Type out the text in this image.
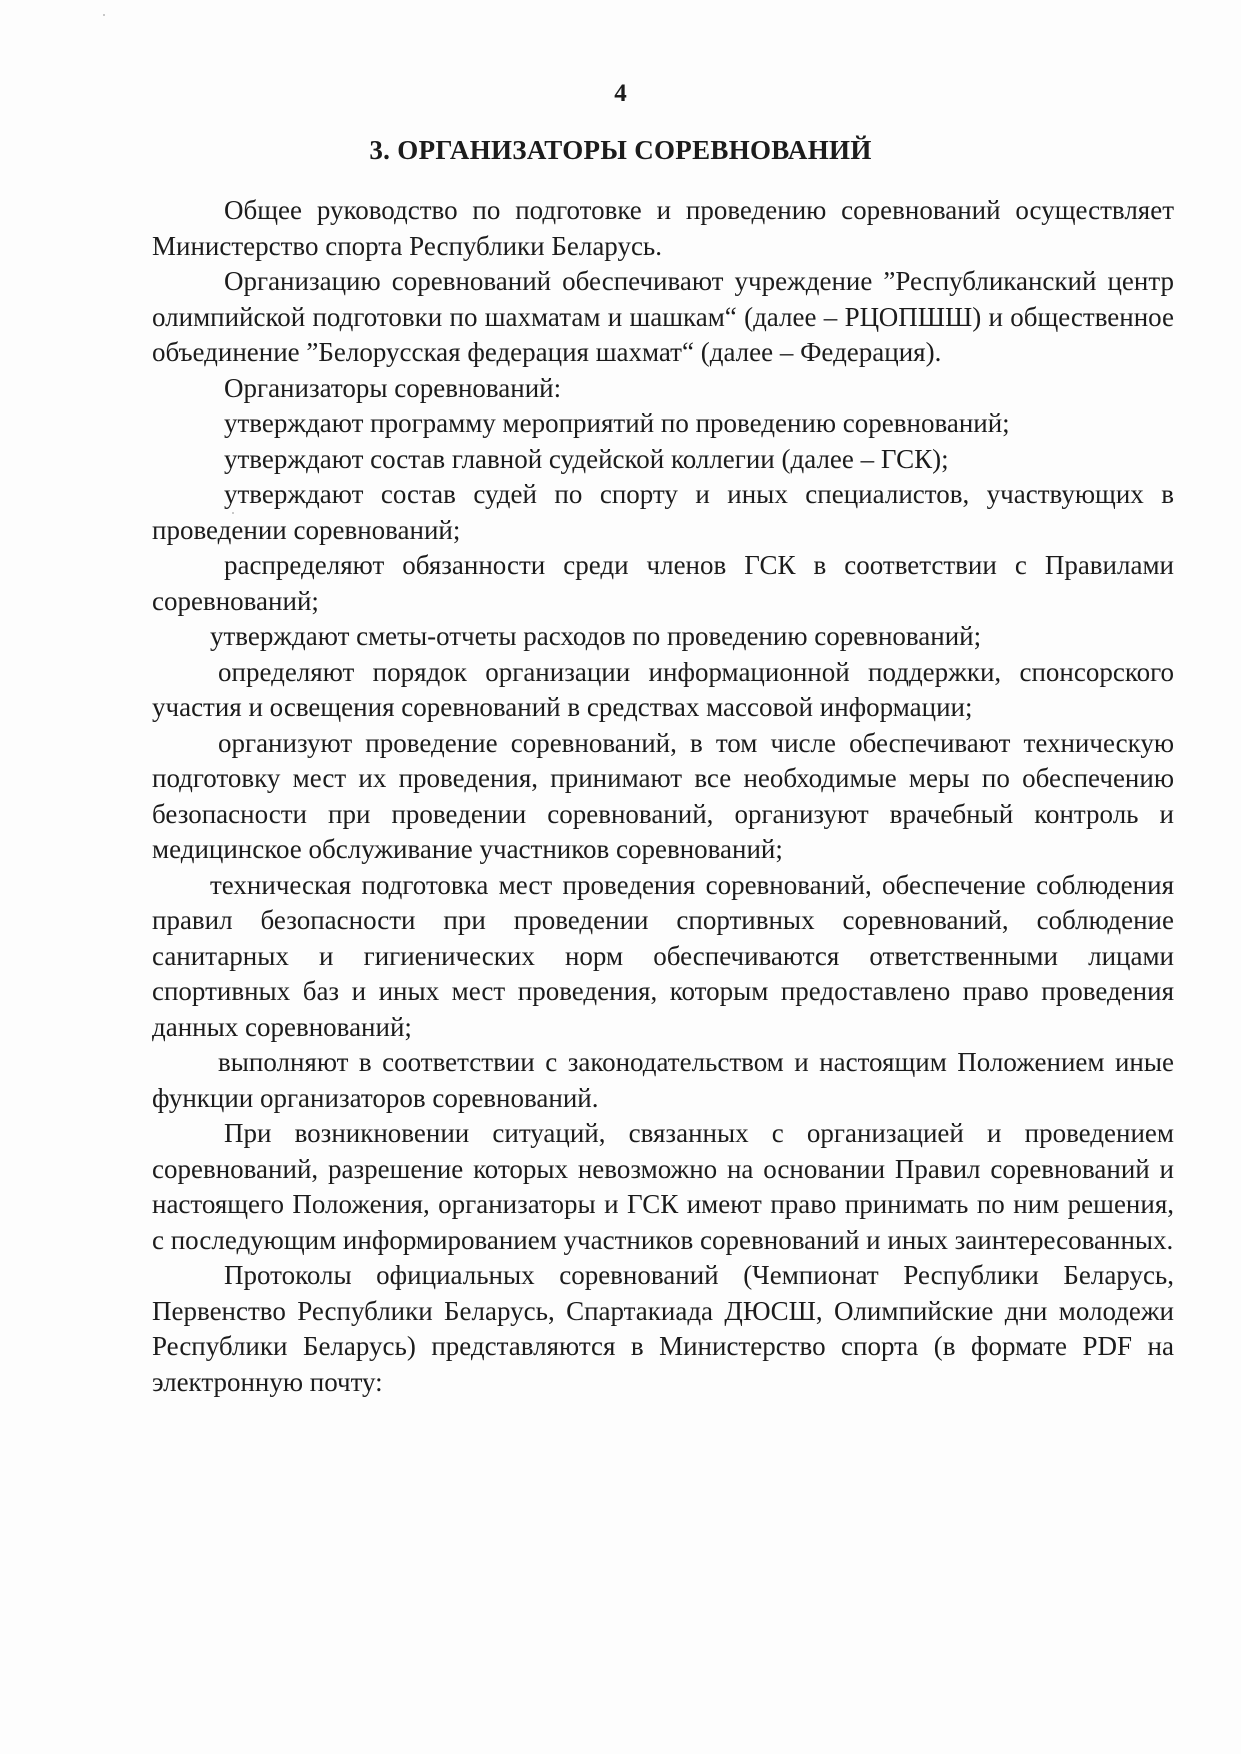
4
3. ОРГАНИЗАТОРЫ СОРЕВНОВАНИЙ

Общее руководство по подготовке и проведению соревнований осуществляет Министерство спорта Республики Беларусь.

Организацию соревнований обеспечивают учреждение ”Республиканский центр олимпийской подготовки по шахматам и шашкам“ (далее – РЦОПШШ) и общественное объединение ”Белорусская федерация шахмат“ (далее – Федерация).

Организаторы соревнований:

утверждают программу мероприятий по проведению соревнований;

утверждают состав главной судейской коллегии (далее – ГСК);

утверждают состав судей по спорту и иных специалистов, участвующих в проведении соревнований;

распределяют обязанности среди членов ГСК в соответствии с Правилами соревнований;

утверждают сметы-отчеты расходов по проведению соревнований;

определяют порядок организации информационной поддержки, спонсорского участия и освещения соревнований в средствах массовой информации;

организуют проведение соревнований, в том числе обеспечивают техническую подготовку мест их проведения, принимают все необходимые меры по обеспечению безопасности при проведении соревнований, организуют врачебный контроль и медицинское обслуживание участников соревнований;

техническая подготовка мест проведения соревнований, обеспечение соблюдения правил безопасности при проведении спортивных соревнований, соблюдение санитарных и гигиенических норм обеспечиваются ответственными лицами спортивных баз и иных мест проведения, которым предоставлено право проведения данных соревнований;

выполняют в соответствии с законодательством и настоящим Положением иные функции организаторов соревнований.

При возникновении ситуаций, связанных с организацией и проведением соревнований, разрешение которых невозможно на основании Правил соревнований и настоящего Положения, организаторы и ГСК имеют право принимать по ним решения, с последующим информированием участников соревнований и иных заинтересованных.

Протоколы официальных соревнований (Чемпионат Республики Беларусь, Первенство Республики Беларусь, Спартакиада ДЮСШ, Олимпийские дни молодежи Республики Беларусь) представляются в Министерство спорта (в формате PDF на электронную почту:
